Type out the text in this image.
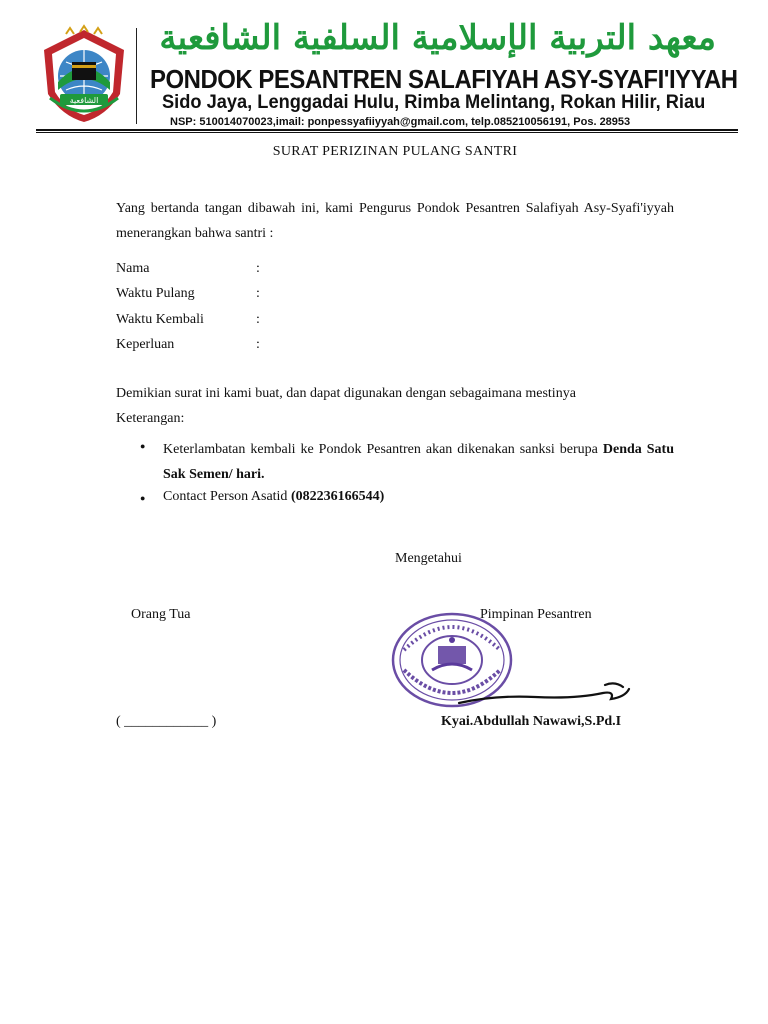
الشافعية
معهد التربية الإسلامية السلفية الشافعية
PONDOK PESANTREN SALAFIYAH ASY-SYAFI'IYYAH
Sido Jaya, Lenggadai Hulu, Rimba Melintang, Rokan Hilir, Riau
NSP: 510014070023,imail: ponpessyafiiyyah@gmail.com, telp.085210056191, Pos. 28953
SURAT PERIZINAN PULANG SANTRI
Yang bertanda tangan dibawah ini, kami Pengurus Pondok Pesantren Salafiyah Asy-Syafi'iyyah menerangkan bahwa santri :
Nama	:
Waktu Pulang	:
Waktu Kembali	:
Keperluan	:
Demikian surat ini kami buat, dan dapat digunakan dengan sebagaimana mestinya
Keterangan:
● Keterlambatan kembali ke Pondok Pesantren akan dikenakan sanksi berupa Denda Satu Sak Semen/ hari.
● Contact Person Asatid (082236166544)
Mengetahui
Orang Tua	Pimpinan Pesantren
( ____________ )	Kyai.Abdullah Nawawi,S.Pd.I
